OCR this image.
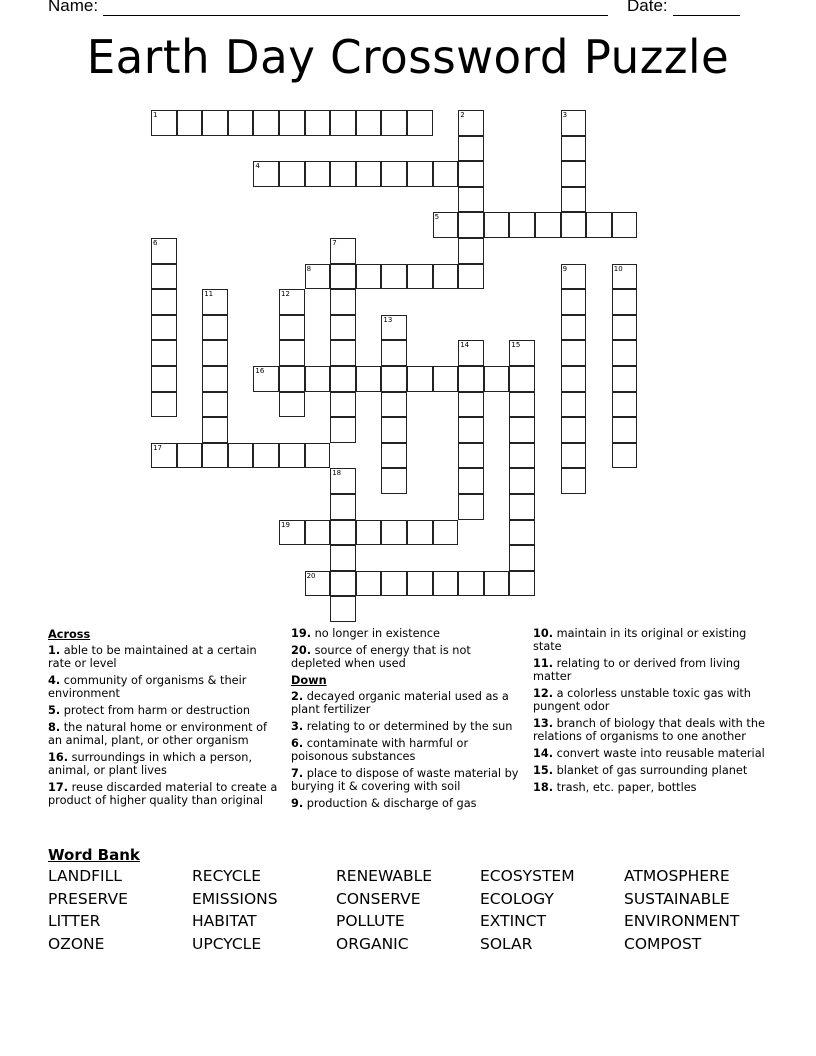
Name:	Date:
Earth Day Crossword Puzzle
1	2	3
4
5
6	7
8	9	10
11	12
13
14	15
16
17
18
19
20
Across
1. able to be maintained at a certain rate or level
4. community of organisms & their environment
5. protect from harm or destruction
8. the natural home or environment of an animal, plant, or other organism
16. surroundings in which a person, animal, or plant lives
17. reuse discarded material to create a product of higher quality than original
19. no longer in existence
20. source of energy that is not depleted when used
Down
2. decayed organic material used as a plant fertilizer
3. relating to or determined by the sun
6. contaminate with harmful or poisonous substances
7. place to dispose of waste material by burying it & covering with soil
9. production & discharge of gas
10. maintain in its original or existing state
11. relating to or derived from living matter
12. a colorless unstable toxic gas with pungent odor
13. branch of biology that deals with the relations of organisms to one another
14. convert waste into reusable material
15. blanket of gas surrounding planet
18. trash, etc. paper, bottles
Word Bank
LANDFILL	RECYCLE	RENEWABLE	ECOSYSTEM	ATMOSPHERE
PRESERVE	EMISSIONS	CONSERVE	ECOLOGY	SUSTAINABLE
LITTER	HABITAT	POLLUTE	EXTINCT	ENVIRONMENT
OZONE	UPCYCLE	ORGANIC	SOLAR	COMPOST
